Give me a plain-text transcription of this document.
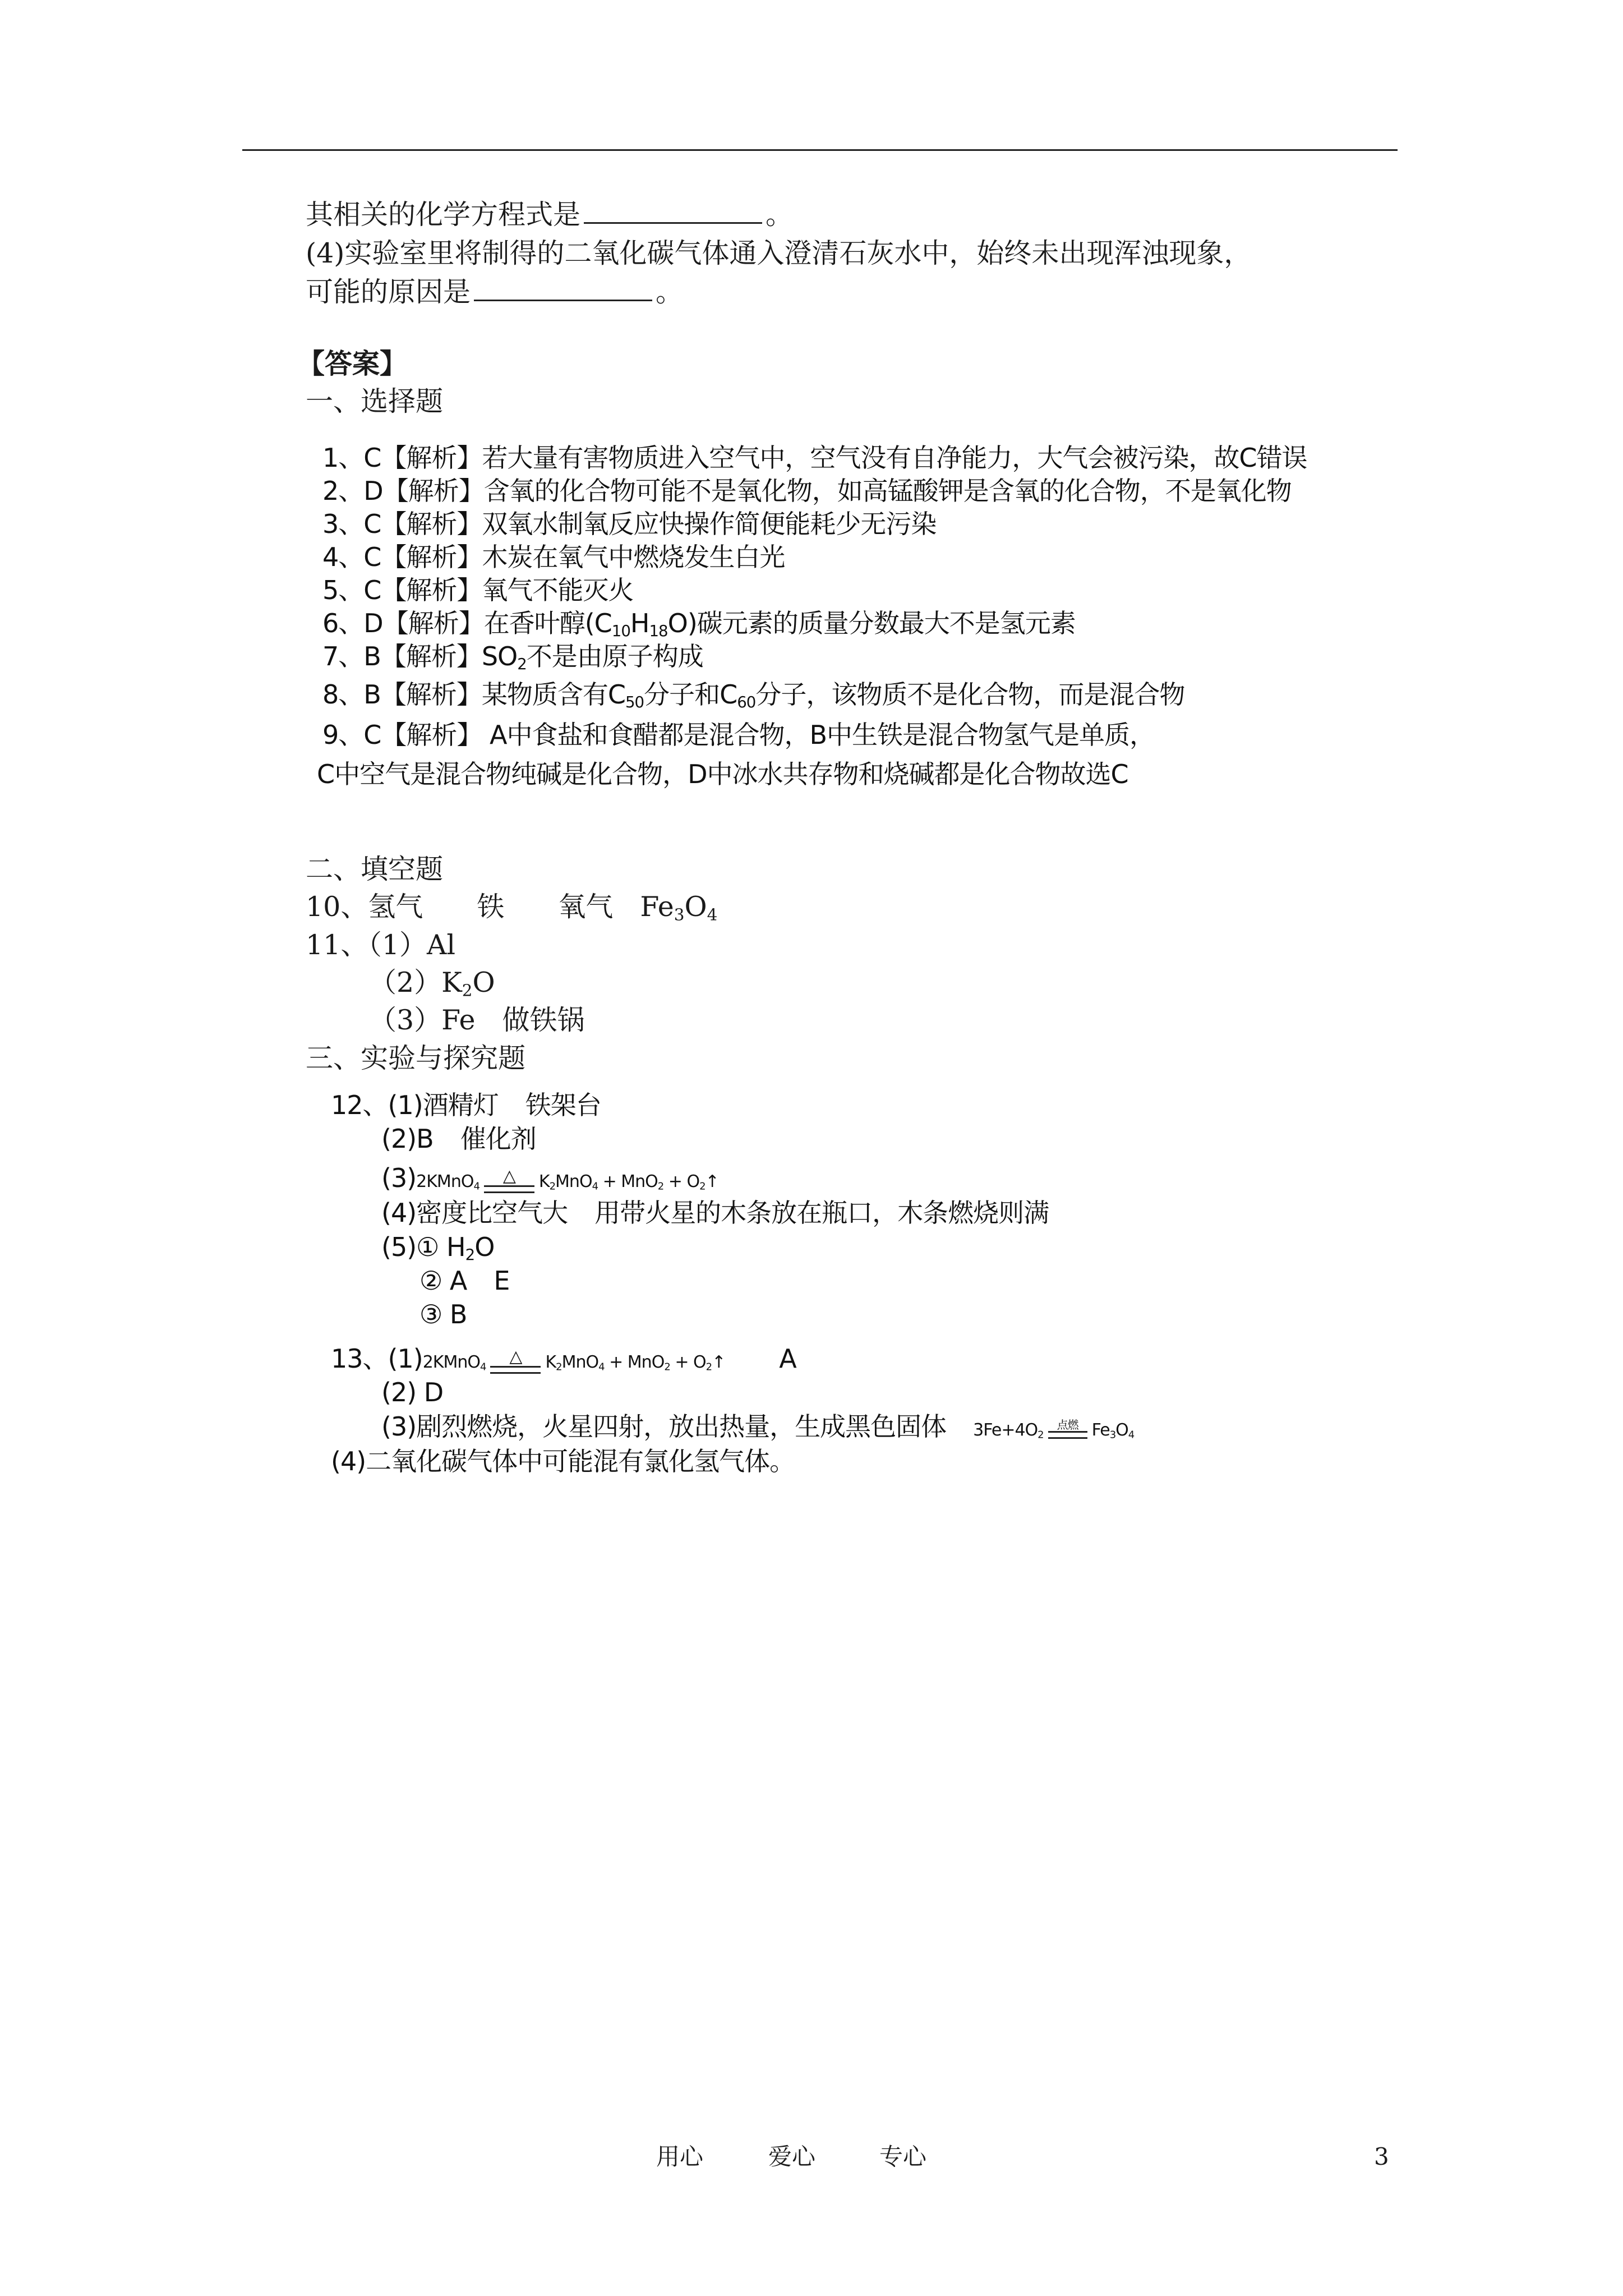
其相关的化学方程式是	。
(4)实验室里将制得的二氧化碳气体通入澄清石灰水中，始终未出现浑浊现象，
可能的原因是	。
【答案】
一、选择题
1、C【解析】若大量有害物质进入空气中，空气没有自净能力，大气会被污染，故C错误
2、D【解析】含氧的化合物可能不是氧化物，如高锰酸钾是含氧的化合物，不是氧化物
3、C【解析】双氧水制氧反应快操作简便能耗少无污染
4、C【解析】木炭在氧气中燃烧发生白光
5、C【解析】氧气不能灭火
6、D【解析】在香叶醇$(C_{10}H_{18}O)$碳元素的质量分数最大不是氢元素
7、B【解析】$SO_2$不是由原子构成
8、B【解析】某物质含有$C_{50}$分子和$C_{60}$分子，该物质不是化合物，而是混合物
9、C【解析】 A中食盐和食醋都是混合物，B中生铁是混合物氢气是单质，
C中空气是混合物纯碱是化合物，D中冰水共存物和烧碱都是化合物故选C
二、填空题
10、氢气 铁 氧气 $Fe_3O_4$
11、（1）Al
$(2)K_2O$
（3）Fe 做铁锅
三、实验与探究题
12、(1)酒精灯 铁架台
(2)B 催化剂
(3)2KMnO$_4$
△ $K_2MnO_4 + MnO_2$ + $O_2↑$
(4)密度比空气大 用带火星的木条放在瓶口，木条燃烧则满
(5)① $H_2O$
② A E
③ B
13、(1)2KMnO$_4$
△ $K_2MnO_4 + MnO_2$ + $O_2↑$ A
(2) D
(3)剧烈燃烧，火星四射，放出热量，生成黑色固体 $3Fe+4O_2$
点燃 $Fe_3O_4$
(4)二氧化碳气体中可能混有氯化氢气体。
用心	爱心	专心	3
